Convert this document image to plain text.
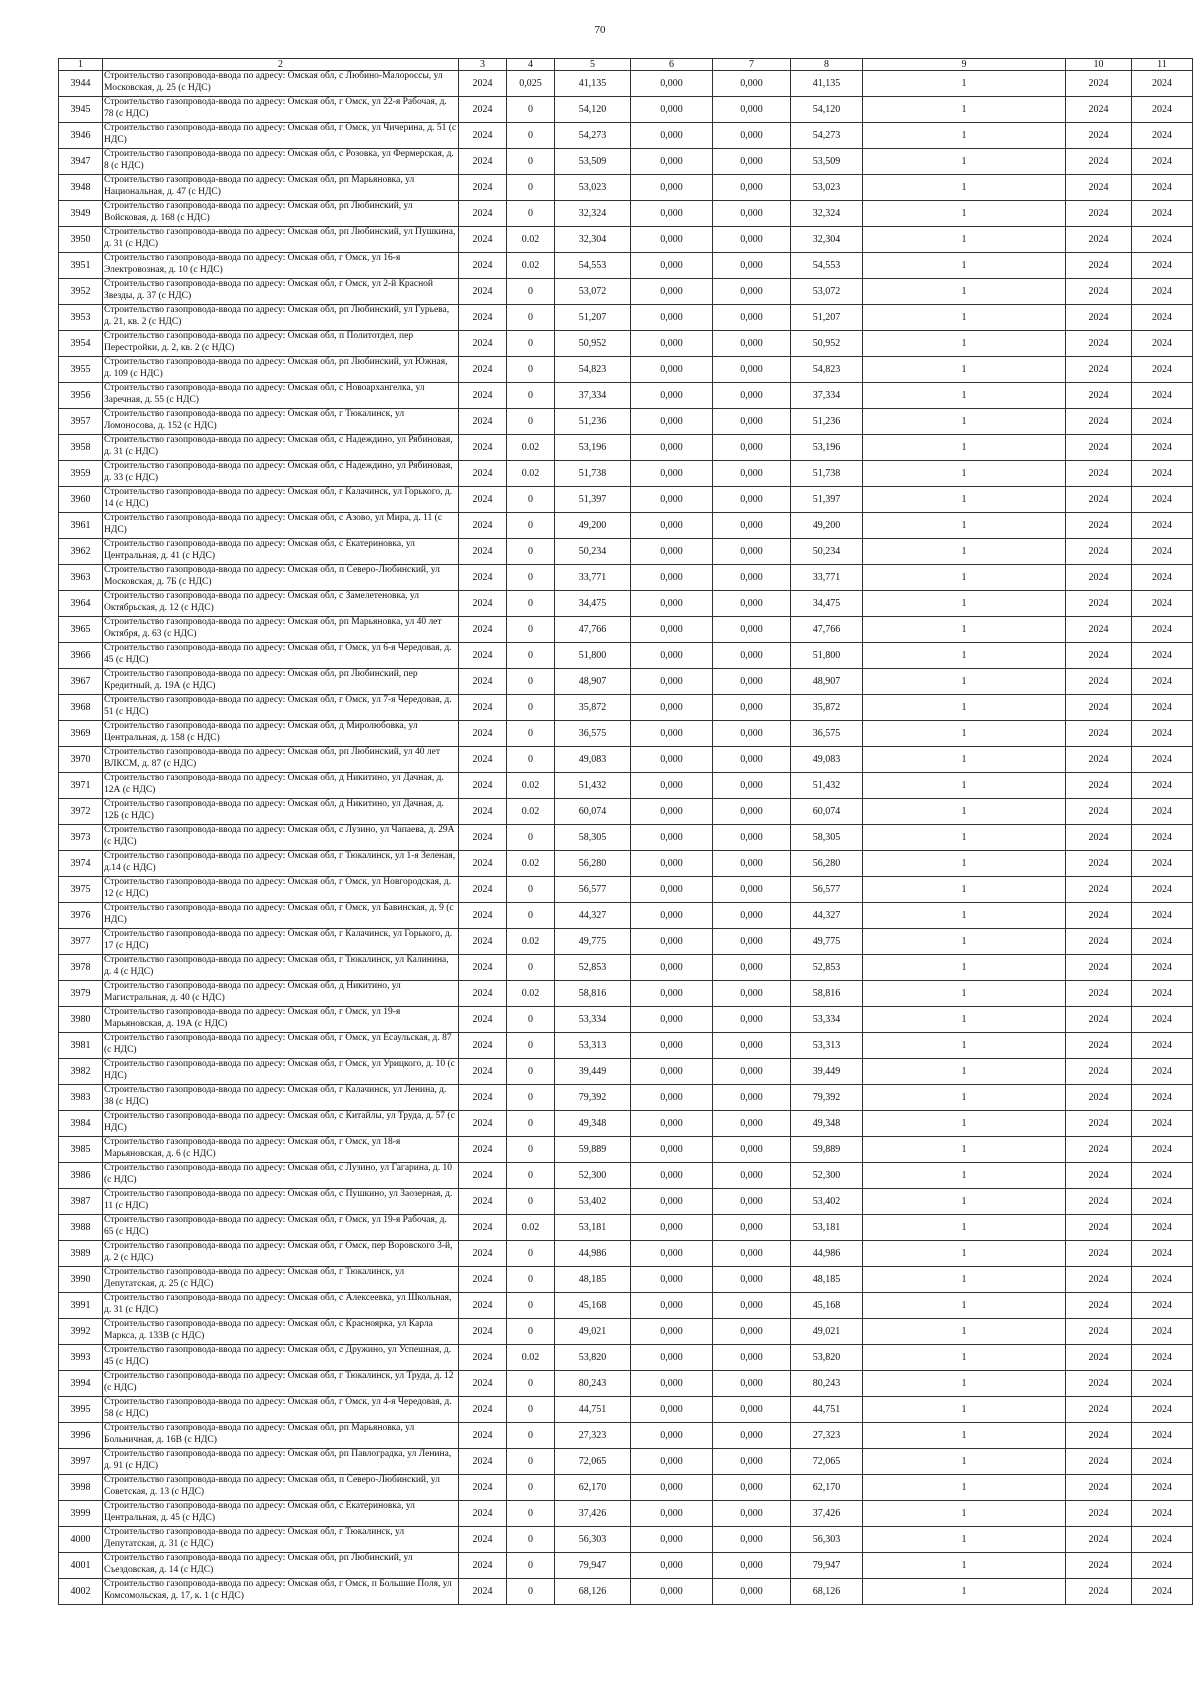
70
1	2	3	4	5	6	7	8	9	10	11
3944	Строительство газопровода-ввода по адресу: Омская обл, с Любино-Малороссы, ул Московская, д. 25 (с НДС)	2024	0,025	41,135	0,000	0,000	41,135	1	2024	2024
3945	Строительство газопровода-ввода по адресу: Омская обл, г Омск, ул 22-я Рабочая, д. 78 (с НДС)	2024	0	54,120	0,000	0,000	54,120	1	2024	2024
3946	Строительство газопровода-ввода по адресу: Омская обл, г Омск, ул Чичерина, д. 51 (с НДС)	2024	0	54,273	0,000	0,000	54,273	1	2024	2024
3947	Строительство газопровода-ввода по адресу: Омская обл, с Розовка, ул Фермерская, д. 8 (с НДС)	2024	0	53,509	0,000	0,000	53,509	1	2024	2024
3948	Строительство газопровода-ввода по адресу: Омская обл, рп Марьяновка, ул Национальная, д. 47 (с НДС)	2024	0	53,023	0,000	0,000	53,023	1	2024	2024
3949	Строительство газопровода-ввода по адресу: Омская обл, рп Любинский, ул Войсковая, д. 168 (с НДС)	2024	0	32,324	0,000	0,000	32,324	1	2024	2024
3950	Строительство газопровода-ввода по адресу: Омская обл, рп Любинский, ул Пушкина, д. 31 (с НДС)	2024	0.02	32,304	0,000	0,000	32,304	1	2024	2024
3951	Строительство газопровода-ввода по адресу: Омская обл, г Омск, ул 16-я Электровозная, д. 10 (с НДС)	2024	0.02	54,553	0,000	0,000	54,553	1	2024	2024
3952	Строительство газопровода-ввода по адресу: Омская обл, г Омск, ул 2-й Красной Звезды, д. 37 (с НДС)	2024	0	53,072	0,000	0,000	53,072	1	2024	2024
3953	Строительство газопровода-ввода по адресу: Омская обл, рп Любинский, ул Гурьева, д. 21, кв. 2 (с НДС)	2024	0	51,207	0,000	0,000	51,207	1	2024	2024
3954	Строительство газопровода-ввода по адресу: Омская обл, п Политотдел, пер Перестройки, д. 2, кв. 2 (с НДС)	2024	0	50,952	0,000	0,000	50,952	1	2024	2024
3955	Строительство газопровода-ввода по адресу: Омская обл, рп Любинский, ул Южная, д. 109 (с НДС)	2024	0	54,823	0,000	0,000	54,823	1	2024	2024
3956	Строительство газопровода-ввода по адресу: Омская обл, с Новоархангелка, ул Заречная, д. 55 (с НДС)	2024	0	37,334	0,000	0,000	37,334	1	2024	2024
3957	Строительство газопровода-ввода по адресу: Омская обл, г Тюкалинск, ул Ломоносова, д. 152 (с НДС)	2024	0	51,236	0,000	0,000	51,236	1	2024	2024
3958	Строительство газопровода-ввода по адресу: Омская обл, с Надеждино, ул Рябиновая, д. 31 (с НДС)	2024	0.02	53,196	0,000	0,000	53,196	1	2024	2024
3959	Строительство газопровода-ввода по адресу: Омская обл, с Надеждино, ул Рябиновая, д. 33 (с НДС)	2024	0.02	51,738	0,000	0,000	51,738	1	2024	2024
3960	Строительство газопровода-ввода по адресу: Омская обл, г Калачинск, ул Горького, д. 14 (с НДС)	2024	0	51,397	0,000	0,000	51,397	1	2024	2024
3961	Строительство газопровода-ввода по адресу: Омская обл, с Азово, ул Мира, д. 11 (с НДС)	2024	0	49,200	0,000	0,000	49,200	1	2024	2024
3962	Строительство газопровода-ввода по адресу: Омская обл, с Екатериновка, ул Центральная, д. 41 (с НДС)	2024	0	50,234	0,000	0,000	50,234	1	2024	2024
3963	Строительство газопровода-ввода по адресу: Омская обл, п Северо-Любинский, ул Московская, д. 7Б (с НДС)	2024	0	33,771	0,000	0,000	33,771	1	2024	2024
3964	Строительство газопровода-ввода по адресу: Омская обл, с Замелетеновка, ул Октябрьская, д. 12 (с НДС)	2024	0	34,475	0,000	0,000	34,475	1	2024	2024
3965	Строительство газопровода-ввода по адресу: Омская обл, рп Марьяновка, ул 40 лет Октября, д. 63 (с НДС)	2024	0	47,766	0,000	0,000	47,766	1	2024	2024
3966	Строительство газопровода-ввода по адресу: Омская обл, г Омск, ул 6-я Чередовая, д. 45 (с НДС)	2024	0	51,800	0,000	0,000	51,800	1	2024	2024
3967	Строительство газопровода-ввода по адресу: Омская обл, рп Любинский, пер Кредитный, д. 19А (с НДС)	2024	0	48,907	0,000	0,000	48,907	1	2024	2024
3968	Строительство газопровода-ввода по адресу: Омская обл, г Омск, ул 7-я Чередовая, д. 51 (с НДС)	2024	0	35,872	0,000	0,000	35,872	1	2024	2024
3969	Строительство газопровода-ввода по адресу: Омская обл, д Миролюбовка, ул Центральная, д. 158 (с НДС)	2024	0	36,575	0,000	0,000	36,575	1	2024	2024
3970	Строительство газопровода-ввода по адресу: Омская обл, рп Любинский, ул 40 лет ВЛКСМ, д. 87 (с НДС)	2024	0	49,083	0,000	0,000	49,083	1	2024	2024
3971	Строительство газопровода-ввода по адресу: Омская обл, д Никитино, ул Дачная, д. 12А (с НДС)	2024	0.02	51,432	0,000	0,000	51,432	1	2024	2024
3972	Строительство газопровода-ввода по адресу: Омская обл, д Никитино, ул Дачная, д. 12Б (с НДС)	2024	0.02	60,074	0,000	0,000	60,074	1	2024	2024
3973	Строительство газопровода-ввода по адресу: Омская обл, с Лузино, ул Чапаева, д. 29А (с НДС)	2024	0	58,305	0,000	0,000	58,305	1	2024	2024
3974	Строительство газопровода-ввода по адресу: Омская обл, г Тюкалинск, ул 1-я Зеленая, д.14 (с НДС)	2024	0.02	56,280	0,000	0,000	56,280	1	2024	2024
3975	Строительство газопровода-ввода по адресу: Омская обл, г Омск, ул Новгородская, д. 12 (с НДС)	2024	0	56,577	0,000	0,000	56,577	1	2024	2024
3976	Строительство газопровода-ввода по адресу: Омская обл, г Омск, ул Бавинская, д. 9 (с НДС)	2024	0	44,327	0,000	0,000	44,327	1	2024	2024
3977	Строительство газопровода-ввода по адресу: Омская обл, г Калачинск, ул Горького, д. 17 (с НДС)	2024	0.02	49,775	0,000	0,000	49,775	1	2024	2024
3978	Строительство газопровода-ввода по адресу: Омская обл, г Тюкалинск, ул Калинина, д. 4 (с НДС)	2024	0	52,853	0,000	0,000	52,853	1	2024	2024
3979	Строительство газопровода-ввода по адресу: Омская обл, д Никитино, ул Магистральная, д. 40 (с НДС)	2024	0.02	58,816	0,000	0,000	58,816	1	2024	2024
3980	Строительство газопровода-ввода по адресу: Омская обл, г Омск, ул 19-я Марьяновская, д. 19А (с НДС)	2024	0	53,334	0,000	0,000	53,334	1	2024	2024
3981	Строительство газопровода-ввода по адресу: Омская обл, г Омск, ул Есаульская, д. 87 (с НДС)	2024	0	53,313	0,000	0,000	53,313	1	2024	2024
3982	Строительство газопровода-ввода по адресу: Омская обл, г Омск, ул Урицкого, д. 10 (с НДС)	2024	0	39,449	0,000	0,000	39,449	1	2024	2024
3983	Строительство газопровода-ввода по адресу: Омская обл, г Калачинск, ул Ленина, д. 38 (с НДС)	2024	0	79,392	0,000	0,000	79,392	1	2024	2024
3984	Строительство газопровода-ввода по адресу: Омская обл, с Китайлы, ул Труда, д. 57 (с НДС)	2024	0	49,348	0,000	0,000	49,348	1	2024	2024
3985	Строительство газопровода-ввода по адресу: Омская обл, г Омск, ул 18-я Марьяновская, д. 6 (с НДС)	2024	0	59,889	0,000	0,000	59,889	1	2024	2024
3986	Строительство газопровода-ввода по адресу: Омская обл, с Лузино, ул Гагарина, д. 10 (с НДС)	2024	0	52,300	0,000	0,000	52,300	1	2024	2024
3987	Строительство газопровода-ввода по адресу: Омская обл, с Пушкино, ул Заозерная, д. 11 (с НДС)	2024	0	53,402	0,000	0,000	53,402	1	2024	2024
3988	Строительство газопровода-ввода по адресу: Омская обл, г Омск, ул 19-я Рабочая, д. 65 (с НДС)	2024	0.02	53,181	0,000	0,000	53,181	1	2024	2024
3989	Строительство газопровода-ввода по адресу: Омская обл, г Омск, пер Воровского 3-й, д. 2 (с НДС)	2024	0	44,986	0,000	0,000	44,986	1	2024	2024
3990	Строительство газопровода-ввода по адресу: Омская обл, г Тюкалинск, ул Депутатская, д. 25 (с НДС)	2024	0	48,185	0,000	0,000	48,185	1	2024	2024
3991	Строительство газопровода-ввода по адресу: Омская обл, с Алексеевка, ул Школьная, д. 31 (с НДС)	2024	0	45,168	0,000	0,000	45,168	1	2024	2024
3992	Строительство газопровода-ввода по адресу: Омская обл, с Красноярка, ул Карла Маркса, д. 133В (с НДС)	2024	0	49,021	0,000	0,000	49,021	1	2024	2024
3993	Строительство газопровода-ввода по адресу: Омская обл, с Дружино, ул Успешная, д. 45 (с НДС)	2024	0.02	53,820	0,000	0,000	53,820	1	2024	2024
3994	Строительство газопровода-ввода по адресу: Омская обл, г Тюкалинск, ул Труда, д. 12 (с НДС)	2024	0	80,243	0,000	0,000	80,243	1	2024	2024
3995	Строительство газопровода-ввода по адресу: Омская обл, г Омск, ул 4-я Чередовая, д. 58 (с НДС)	2024	0	44,751	0,000	0,000	44,751	1	2024	2024
3996	Строительство газопровода-ввода по адресу: Омская обл, рп Марьяновка, ул Больничная, д. 16В (с НДС)	2024	0	27,323	0,000	0,000	27,323	1	2024	2024
3997	Строительство газопровода-ввода по адресу: Омская обл, рп Павлоградка, ул Ленина, д. 91 (с НДС)	2024	0	72,065	0,000	0,000	72,065	1	2024	2024
3998	Строительство газопровода-ввода по адресу: Омская обл, п Северо-Любинский, ул Советская, д. 13 (с НДС)	2024	0	62,170	0,000	0,000	62,170	1	2024	2024
3999	Строительство газопровода-ввода по адресу: Омская обл, с Екатериновка, ул Центральная, д. 45 (с НДС)	2024	0	37,426	0,000	0,000	37,426	1	2024	2024
4000	Строительство газопровода-ввода по адресу: Омская обл, г Тюкалинск, ул Депутатская, д. 31 (с НДС)	2024	0	56,303	0,000	0,000	56,303	1	2024	2024
4001	Строительство газопровода-ввода по адресу: Омская обл, рп Любинский, ул Съездовская, д. 14 (с НДС)	2024	0	79,947	0,000	0,000	79,947	1	2024	2024
4002	Строительство газопровода-ввода по адресу: Омская обл, г Омск, п Большие Поля, ул Комсомольская, д. 17, к. 1 (с НДС)	2024	0	68,126	0,000	0,000	68,126	1	2024	2024
